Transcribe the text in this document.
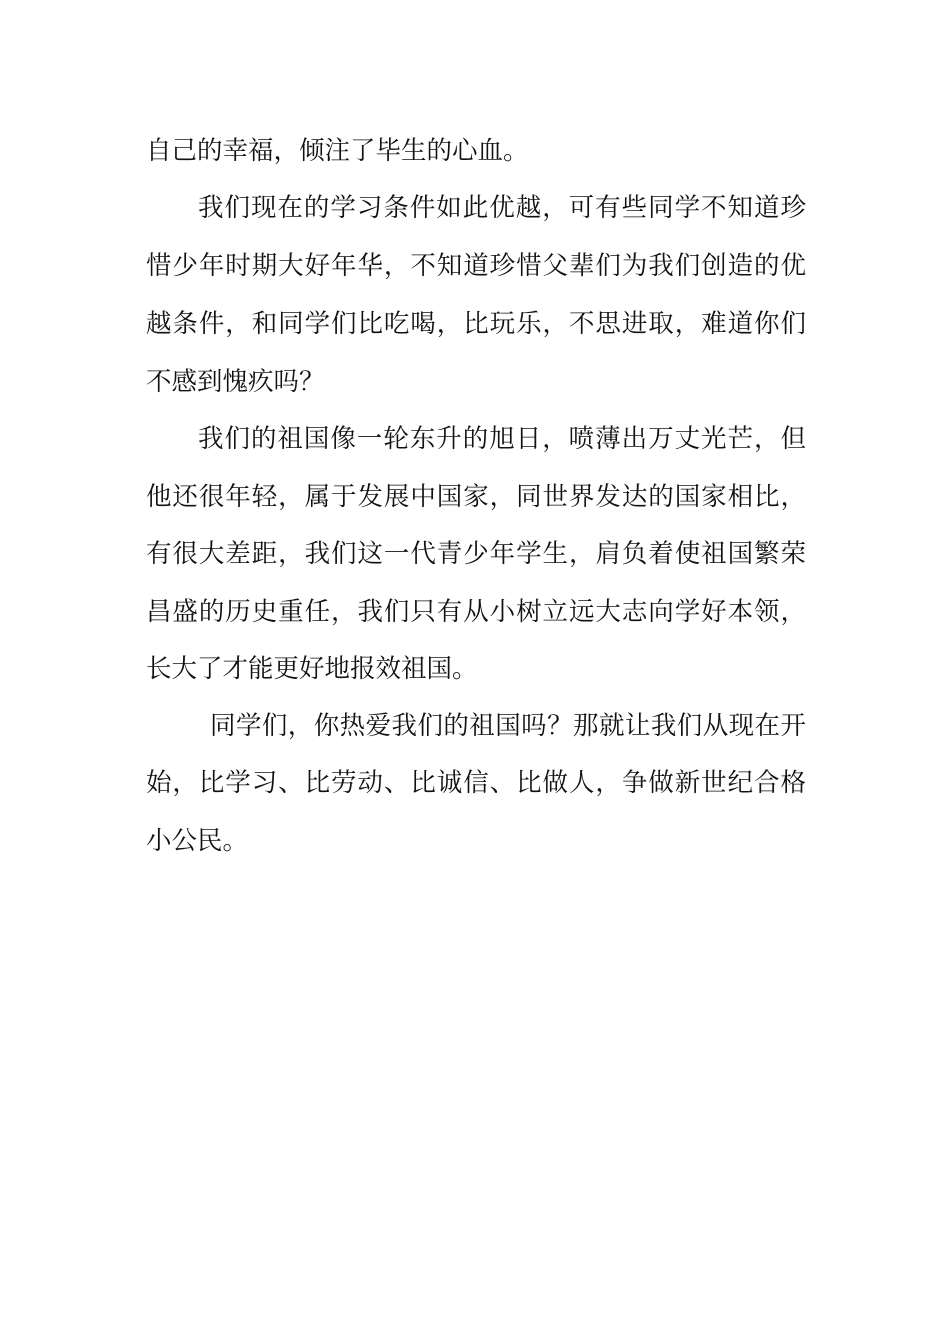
自己的幸福，倾注了毕生的心血。
我们现在的学习条件如此优越，可有些同学不知道珍
惜少年时期大好年华，不知道珍惜父辈们为我们创造的优
越条件，和同学们比吃喝，比玩乐，不思进取，难道你们
不感到愧疚吗？
我们的祖国像一轮东升的旭日，喷薄出万丈光芒，但
他还很年轻，属于发展中国家，同世界发达的国家相比，
有很大差距，我们这一代青少年学生，肩负着使祖国繁荣
昌盛的历史重任，我们只有从小树立远大志向学好本领，
长大了才能更好地报效祖国。
同学们，你热爱我们的祖国吗？那就让我们从现在开
始，比学习、比劳动、比诚信、比做人，争做新世纪合格
小公民。
